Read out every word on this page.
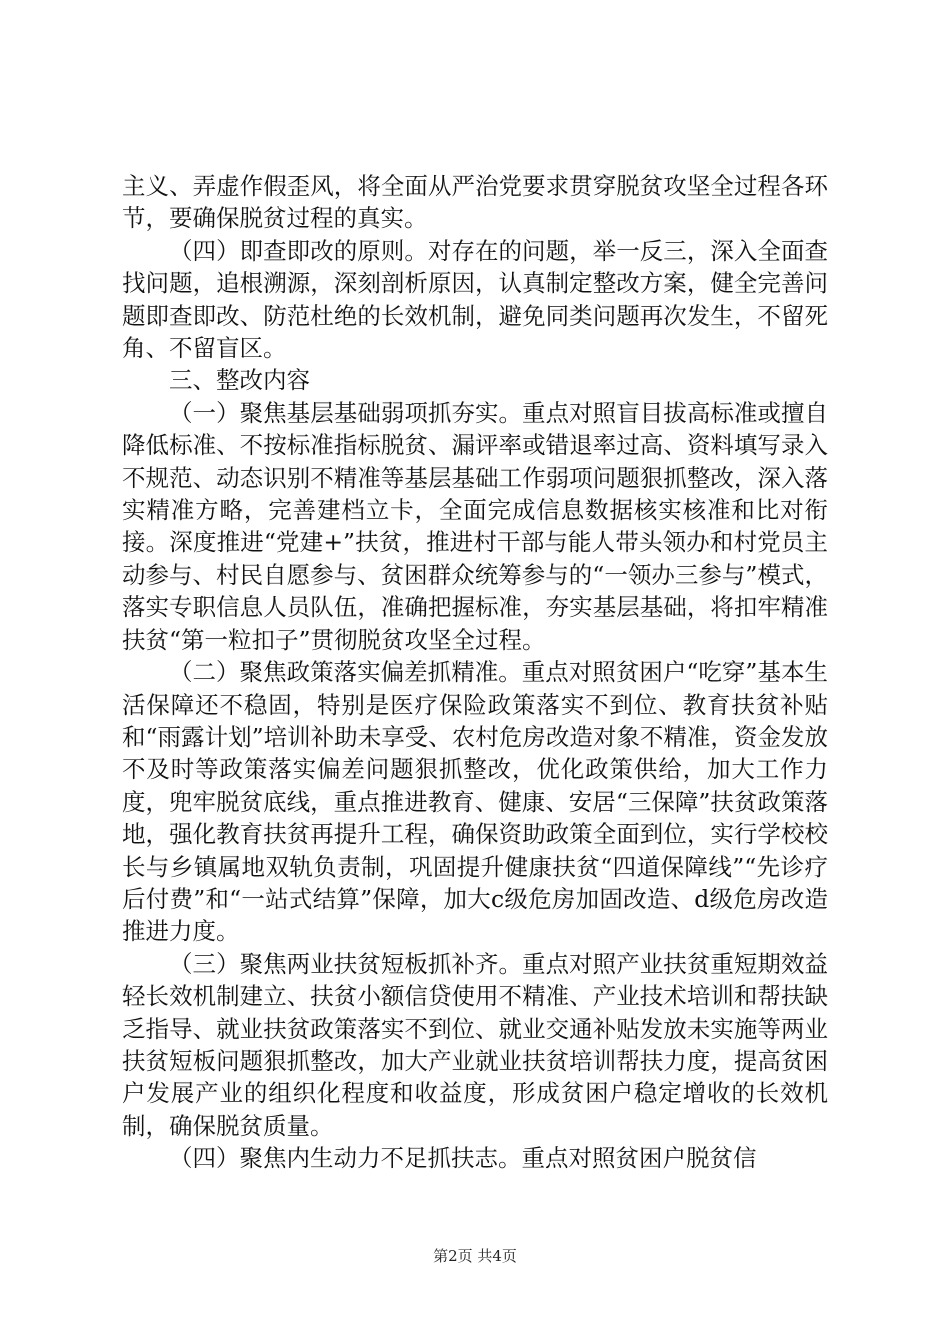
主义、弄虚作假歪风，将全面从严治党要求贯穿脱贫攻坚全过程各环节，要确保脱贫过程的真实。

（四）即查即改的原则。对存在的问题，举一反三，深入全面查找问题，追根溯源，深刻剖析原因，认真制定整改方案，健全完善问题即查即改、防范杜绝的长效机制，避免同类问题再次发生，不留死角、不留盲区。

三、整改内容

（一）聚焦基层基础弱项抓夯实。重点对照盲目拔高标准或擅自降低标准、不按标准指标脱贫、漏评率或错退率过高、资料填写录入不规范、动态识别不精准等基层基础工作弱项问题狠抓整改，深入落实精准方略，完善建档立卡，全面完成信息数据核实核准和比对衔接。深度推进“党建+”扶贫，推进村干部与能人带头领办和村党员主动参与、村民自愿参与、贫困群众统筹参与的“一领办三参与”模式，落实专职信息人员队伍，准确把握标准，夯实基层基础，将扣牢精准扶贫“第一粒扣子”贯彻脱贫攻坚全过程。

（二）聚焦政策落实偏差抓精准。重点对照贫困户“吃穿”基本生活保障还不稳固，特别是医疗保险政策落实不到位、教育扶贫补贴和“雨露计划”培训补助未享受、农村危房改造对象不精准，资金发放不及时等政策落实偏差问题狠抓整改，优化政策供给，加大工作力度，兜牢脱贫底线，重点推进教育、健康、安居“三保障”扶贫政策落地，强化教育扶贫再提升工程，确保资助政策全面到位，实行学校校长与乡镇属地双轨负责制，巩固提升健康扶贫“四道保障线”“先诊疗后付费”和“一站式结算”保障，加大c级危房加固改造、d级危房改造推进力度。

（三）聚焦两业扶贫短板抓补齐。重点对照产业扶贫重短期效益轻长效机制建立、扶贫小额信贷使用不精准、产业技术培训和帮扶缺乏指导、就业扶贫政策落实不到位、就业交通补贴发放未实施等两业扶贫短板问题狠抓整改，加大产业就业扶贫培训帮扶力度，提高贫困户发展产业的组织化程度和收益度，形成贫困户稳定增收的长效机制，确保脱贫质量。

（四）聚焦内生动力不足抓扶志。重点对照贫困户脱贫信

第2页 共4页
